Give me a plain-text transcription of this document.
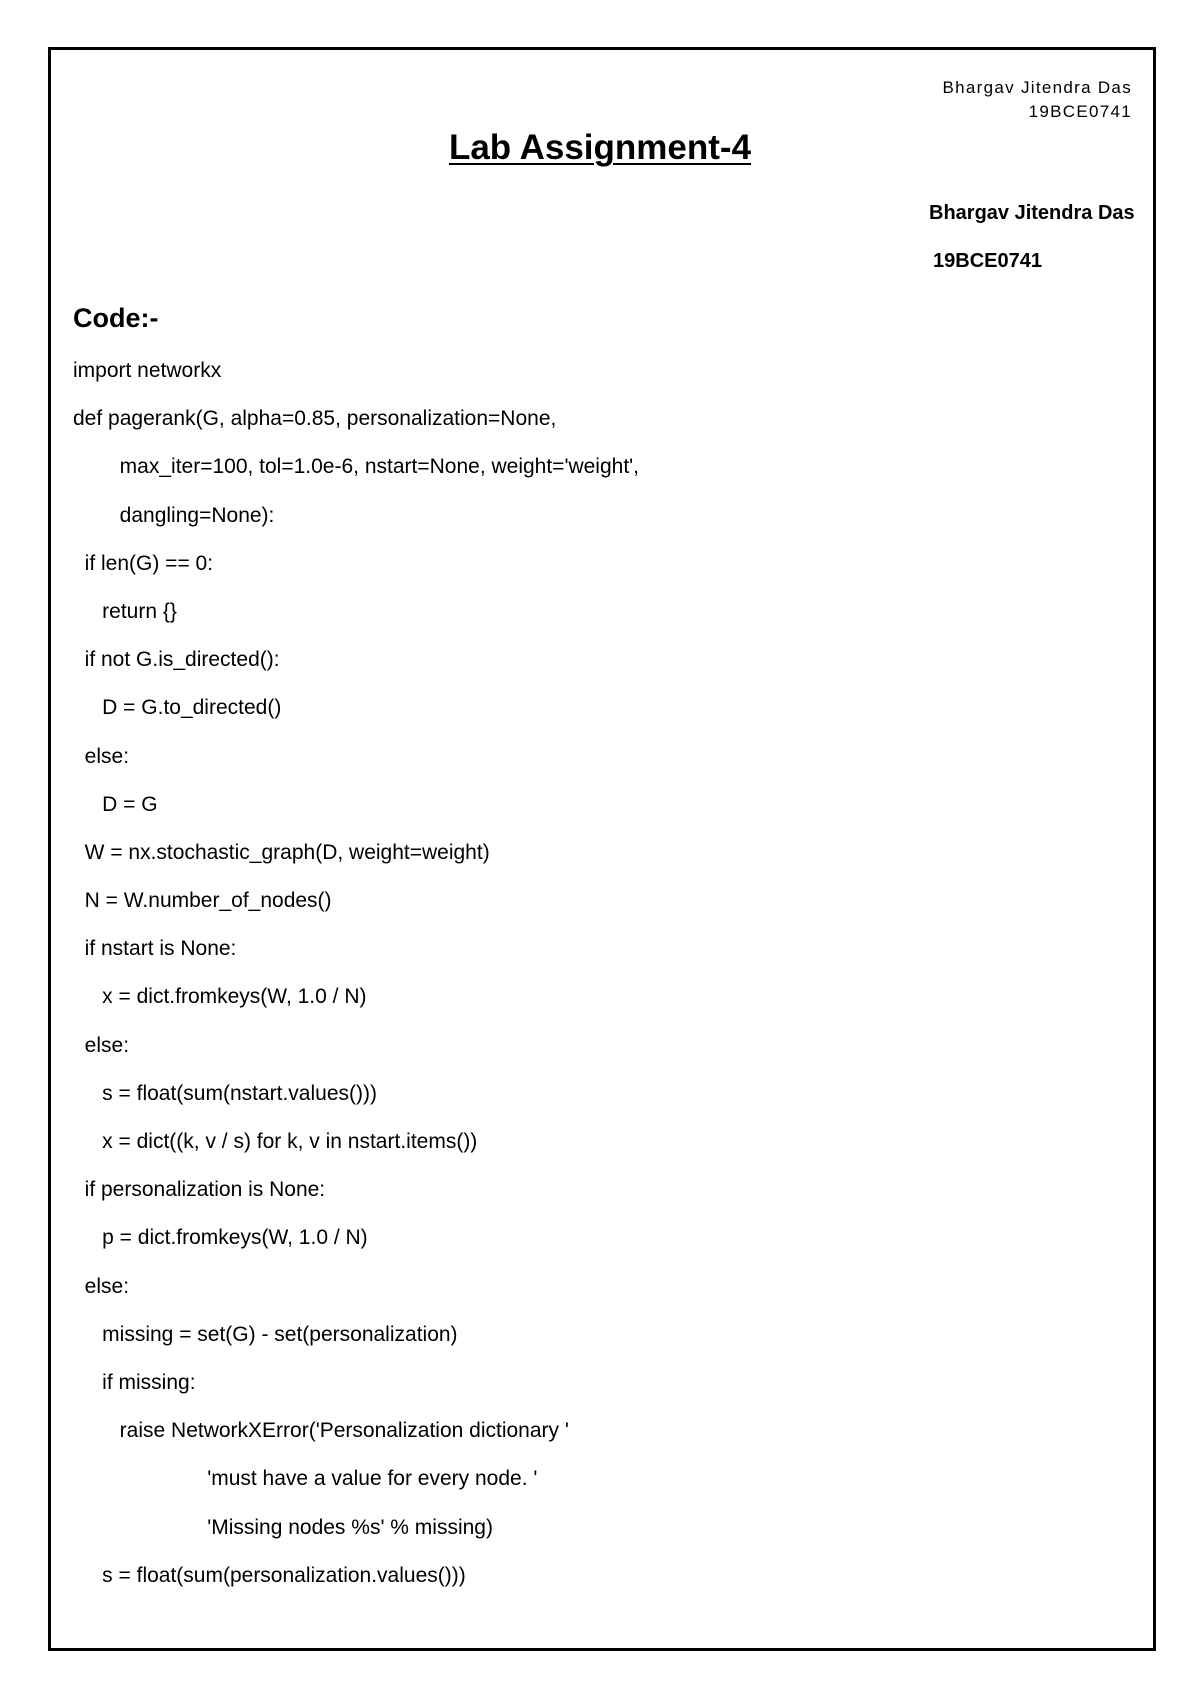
Bhargav Jitendra Das
19BCE0741
Lab Assignment-4
Bhargav Jitendra Das
19BCE0741
Code:-
import networkx
def pagerank(G, alpha=0.85, personalization=None,
max_iter=100, tol=1.0e-6, nstart=None, weight='weight',
dangling=None):
if len(G) == 0:
return {}
if not G.is_directed():
D = G.to_directed()
else:
D = G
W = nx.stochastic_graph(D, weight=weight)
N = W.number_of_nodes()
if nstart is None:
x = dict.fromkeys(W, 1.0 / N)
else:
s = float(sum(nstart.values()))
x = dict((k, v / s) for k, v in nstart.items())
if personalization is None:
p = dict.fromkeys(W, 1.0 / N)
else:
missing = set(G) - set(personalization)
if missing:
raise NetworkXError('Personalization dictionary '
'must have a value for every node. '
'Missing nodes %s' % missing)
s = float(sum(personalization.values()))
